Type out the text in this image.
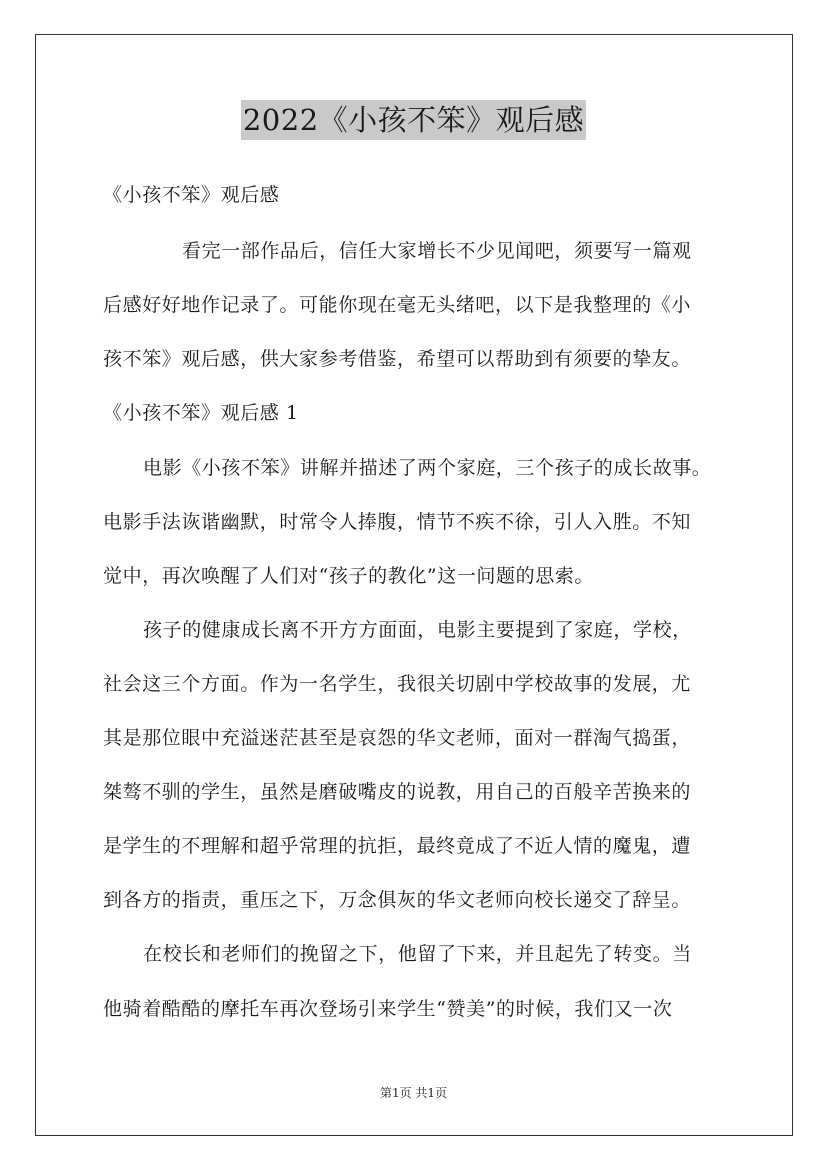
2022《小孩不笨》观后感
《小孩不笨》观后感
看完一部作品后，信任大家增长不少见闻吧，须要写一篇观
后感好好地作记录了。可能你现在毫无头绪吧，以下是我整理的《小
孩不笨》观后感，供大家参考借鉴，希望可以帮助到有须要的挚友。
《小孩不笨》观后感 1
电影《小孩不笨》讲解并描述了两个家庭，三个孩子的成长故事。
电影手法诙谐幽默，时常令人捧腹，情节不疾不徐，引人入胜。不知
觉中，再次唤醒了人们对“孩子的教化”这一问题的思索。
孩子的健康成长离不开方方面面，电影主要提到了家庭，学校，
社会这三个方面。作为一名学生，我很关切剧中学校故事的发展，尤
其是那位眼中充溢迷茫甚至是哀怨的华文老师，面对一群淘气捣蛋，
桀骜不驯的学生，虽然是磨破嘴皮的说教，用自己的百般辛苦换来的
是学生的不理解和超乎常理的抗拒，最终竟成了不近人情的魔鬼，遭
到各方的指责，重压之下，万念俱灰的华文老师向校长递交了辞呈。
在校长和老师们的挽留之下，他留了下来，并且起先了转变。当
他骑着酷酷的摩托车再次登场引来学生“赞美”的时候，我们又一次
第1页 共1页
